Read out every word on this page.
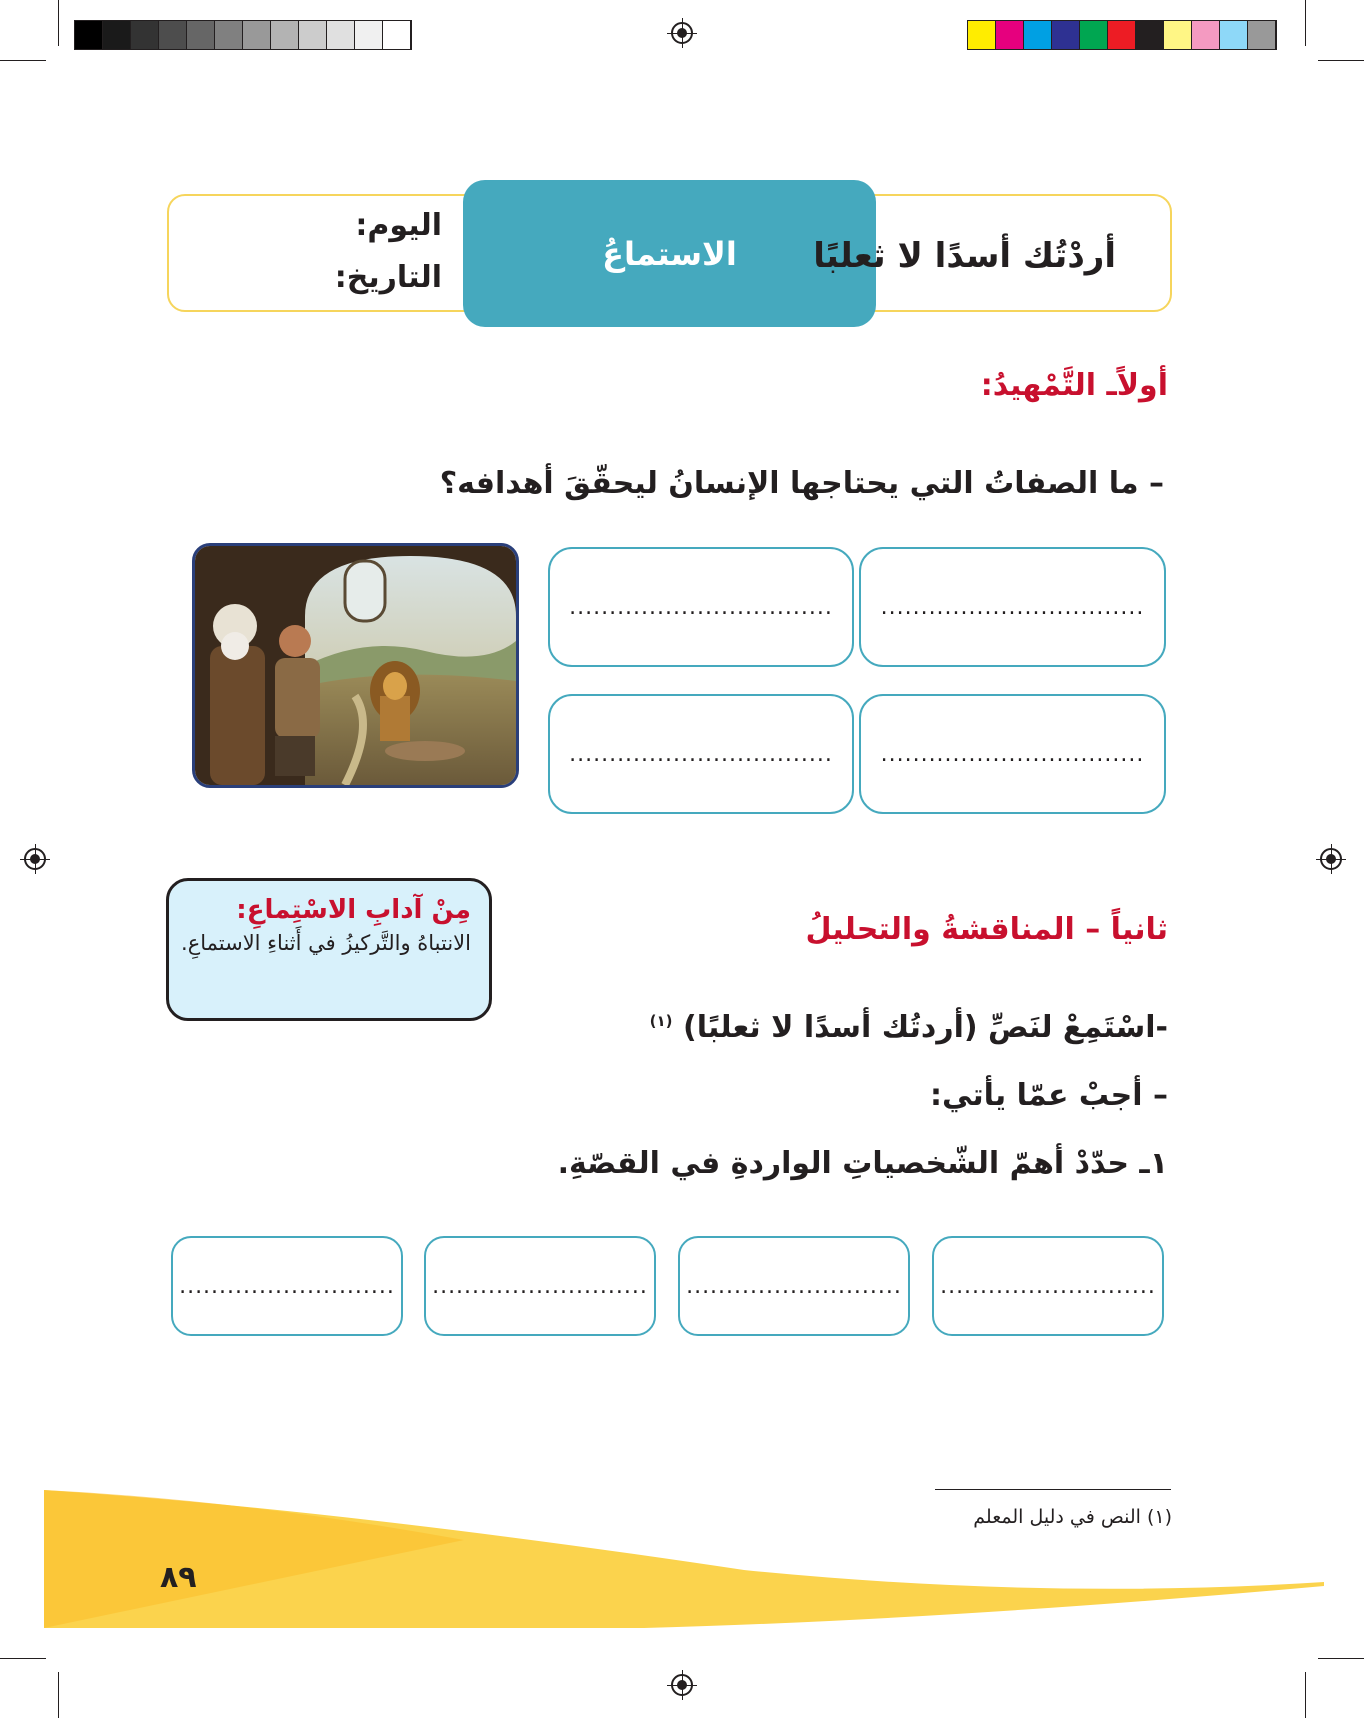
الاستماعُ أردْتُك أسدًا لا ثعلبًا
اليوم:
التاريخ:
أولاًـ التَّمْهيدُ:
– ما الصفاتُ التي يحتاجها الإنسانُ ليحقّقَ أهدافه؟
.................................
.................................
.................................
.................................
مِنْ آدابِ الاسْتِماعِ:
الانتباهُ والتَّركيزُ في أَثناءِ الاستماعِ.	ثانياً – المناقشةُ والتحليلُ
-اسْتَمِعْ لنَصِّ (أردتُك أسدًا لا ثعلبًا) $^{(١)}$
– أجبْ عمّا يأتي:
١ـ حدّدْ أهمّ الشّخصياتِ الواردةِ في القصّةِ.
...........................
...........................
...........................
...........................
(١) النص في دليل المعلم
٨٩
